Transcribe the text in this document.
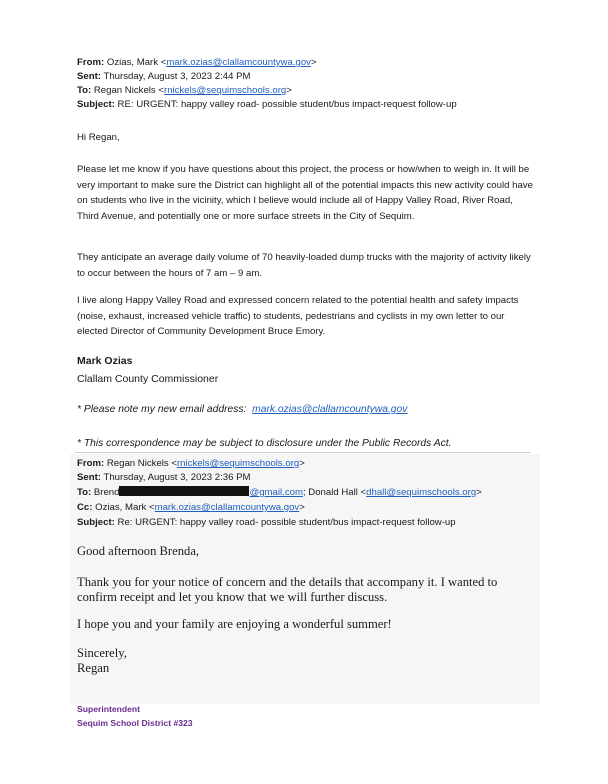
From: Ozias, Mark <mark.ozias@clallamcountywa.gov>
Sent: Thursday, August 3, 2023 2:44 PM
To: Regan Nickels <rnickels@sequimschools.org>
Subject: RE: URGENT: happy valley road- possible student/bus impact-request follow-up
Hi Regan,
Please let me know if you have questions about this project, the process or how/when to weigh in. It will be very important to make sure the District can highlight all of the potential impacts this new activity could have on students who live in the vicinity, which I believe would include all of Happy Valley Road, River Road, Third Avenue, and potentially one or more surface streets in the City of Sequim.
They anticipate an average daily volume of 70 heavily-loaded dump trucks with the majority of activity likely to occur between the hours of 7 am – 9 am.
I live along Happy Valley Road and expressed concern related to the potential health and safety impacts (noise, exhaust, increased vehicle traffic) to students, pedestrians and cyclists in my own letter to our elected Director of Community Development Bruce Emory.
Mark Ozias
Clallam County Commissioner
* Please note my new email address: mark.ozias@clallamcountywa.gov
* This correspondence may be subject to disclosure under the Public Records Act.
From: Regan Nickels <rnickels@sequimschools.org>
Sent: Thursday, August 3, 2023 2:36 PM
To: Brend	@gmail.com; Donald Hall <dhall@sequimschools.org>
Cc: Ozias, Mark <mark.ozias@clallamcountywa.gov>
Subject: Re: URGENT: happy valley road- possible student/bus impact-request follow-up
Good afternoon Brenda,
Thank you for your notice of concern and the details that accompany it. I wanted to confirm receipt and let you know that we will further discuss.
I hope you and your family are enjoying a wonderful summer!
Sincerely,
Regan
Superintendent
Sequim School District #323
